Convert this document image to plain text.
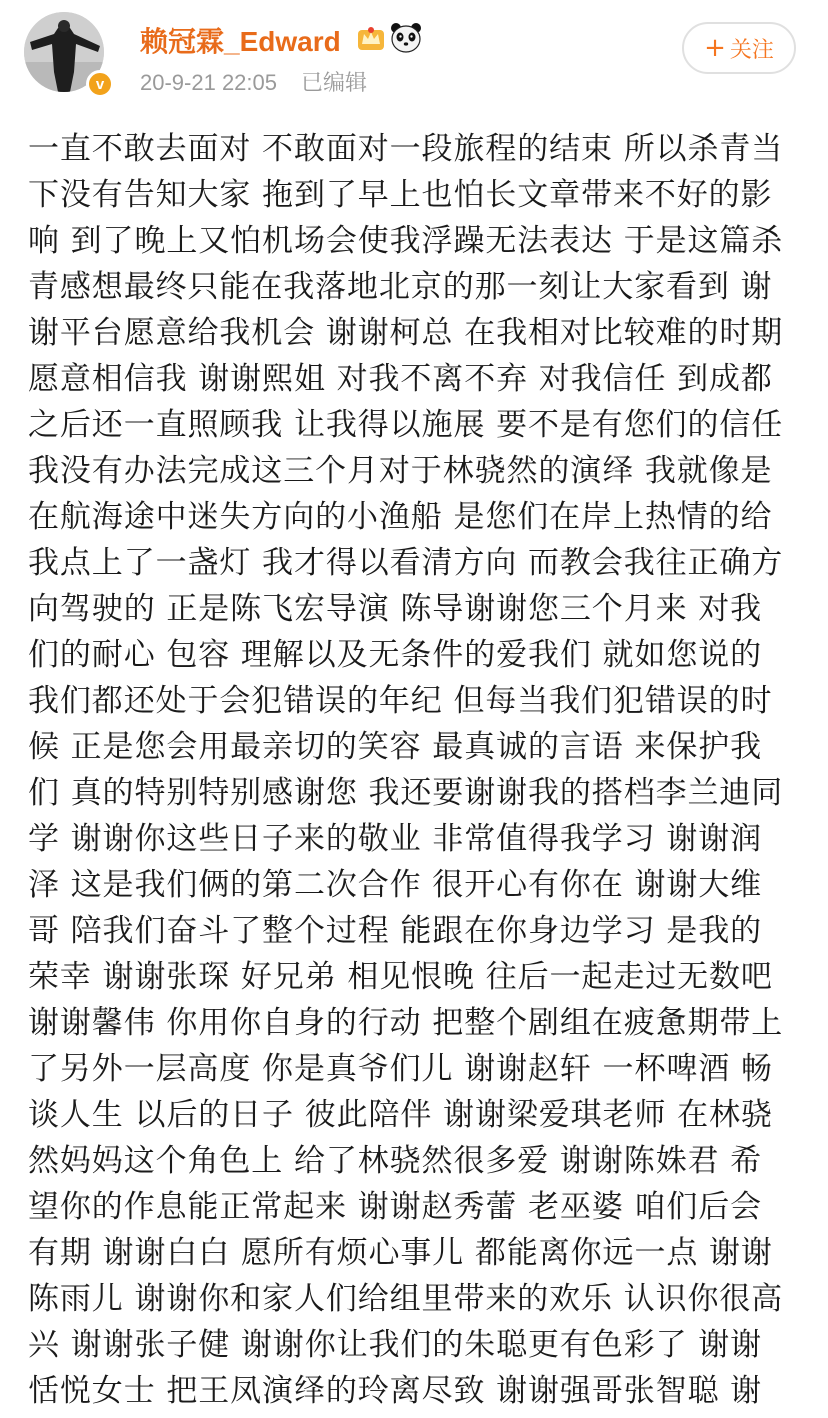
v
赖冠霖_Edward
20-9-21 22:05 已编辑
+ 关注
一直不敢去面对 不敢面对一段旅程的结束 所以杀青当
下没有告知大家 拖到了早上也怕长文章带来不好的影
响 到了晚上又怕机场会使我浮躁无法表达 于是这篇杀
青感想最终只能在我落地北京的那一刻让大家看到 谢
谢平台愿意给我机会 谢谢柯总 在我相对比较难的时期
愿意相信我 谢谢熙姐 对我不离不弃 对我信任 到成都
之后还一直照顾我 让我得以施展 要不是有您们的信任
我没有办法完成这三个月对于林骁然的演绎 我就像是
在航海途中迷失方向的小渔船 是您们在岸上热情的给
我点上了一盏灯 我才得以看清方向 而教会我往正确方
向驾驶的 正是陈飞宏导演 陈导谢谢您三个月来 对我
们的耐心 包容 理解以及无条件的爱我们 就如您说的
我们都还处于会犯错误的年纪 但每当我们犯错误的时
候 正是您会用最亲切的笑容 最真诚的言语 来保护我
们 真的特别特别感谢您 我还要谢谢我的搭档李兰迪同
学 谢谢你这些日子来的敬业 非常值得我学习 谢谢润
泽 这是我们俩的第二次合作 很开心有你在 谢谢大维
哥 陪我们奋斗了整个过程 能跟在你身边学习 是我的
荣幸 谢谢张琛 好兄弟 相见恨晚 往后一起走过无数吧
谢谢馨伟 你用你自身的行动 把整个剧组在疲惫期带上
了另外一层高度 你是真爷们儿 谢谢赵轩 一杯啤酒 畅
谈人生 以后的日子 彼此陪伴 谢谢梁爱琪老师 在林骁
然妈妈这个角色上 给了林骁然很多爱 谢谢陈姝君 希
望你的作息能正常起来 谢谢赵秀蕾 老巫婆 咱们后会
有期 谢谢白白 愿所有烦心事儿 都能离你远一点 谢谢
陈雨儿 谢谢你和家人们给组里带来的欢乐 认识你很高
兴 谢谢张子健 谢谢你让我们的朱聪更有色彩了 谢谢
恬悦女士 把王凤演绎的玲离尽致 谢谢强哥张智聪 谢
